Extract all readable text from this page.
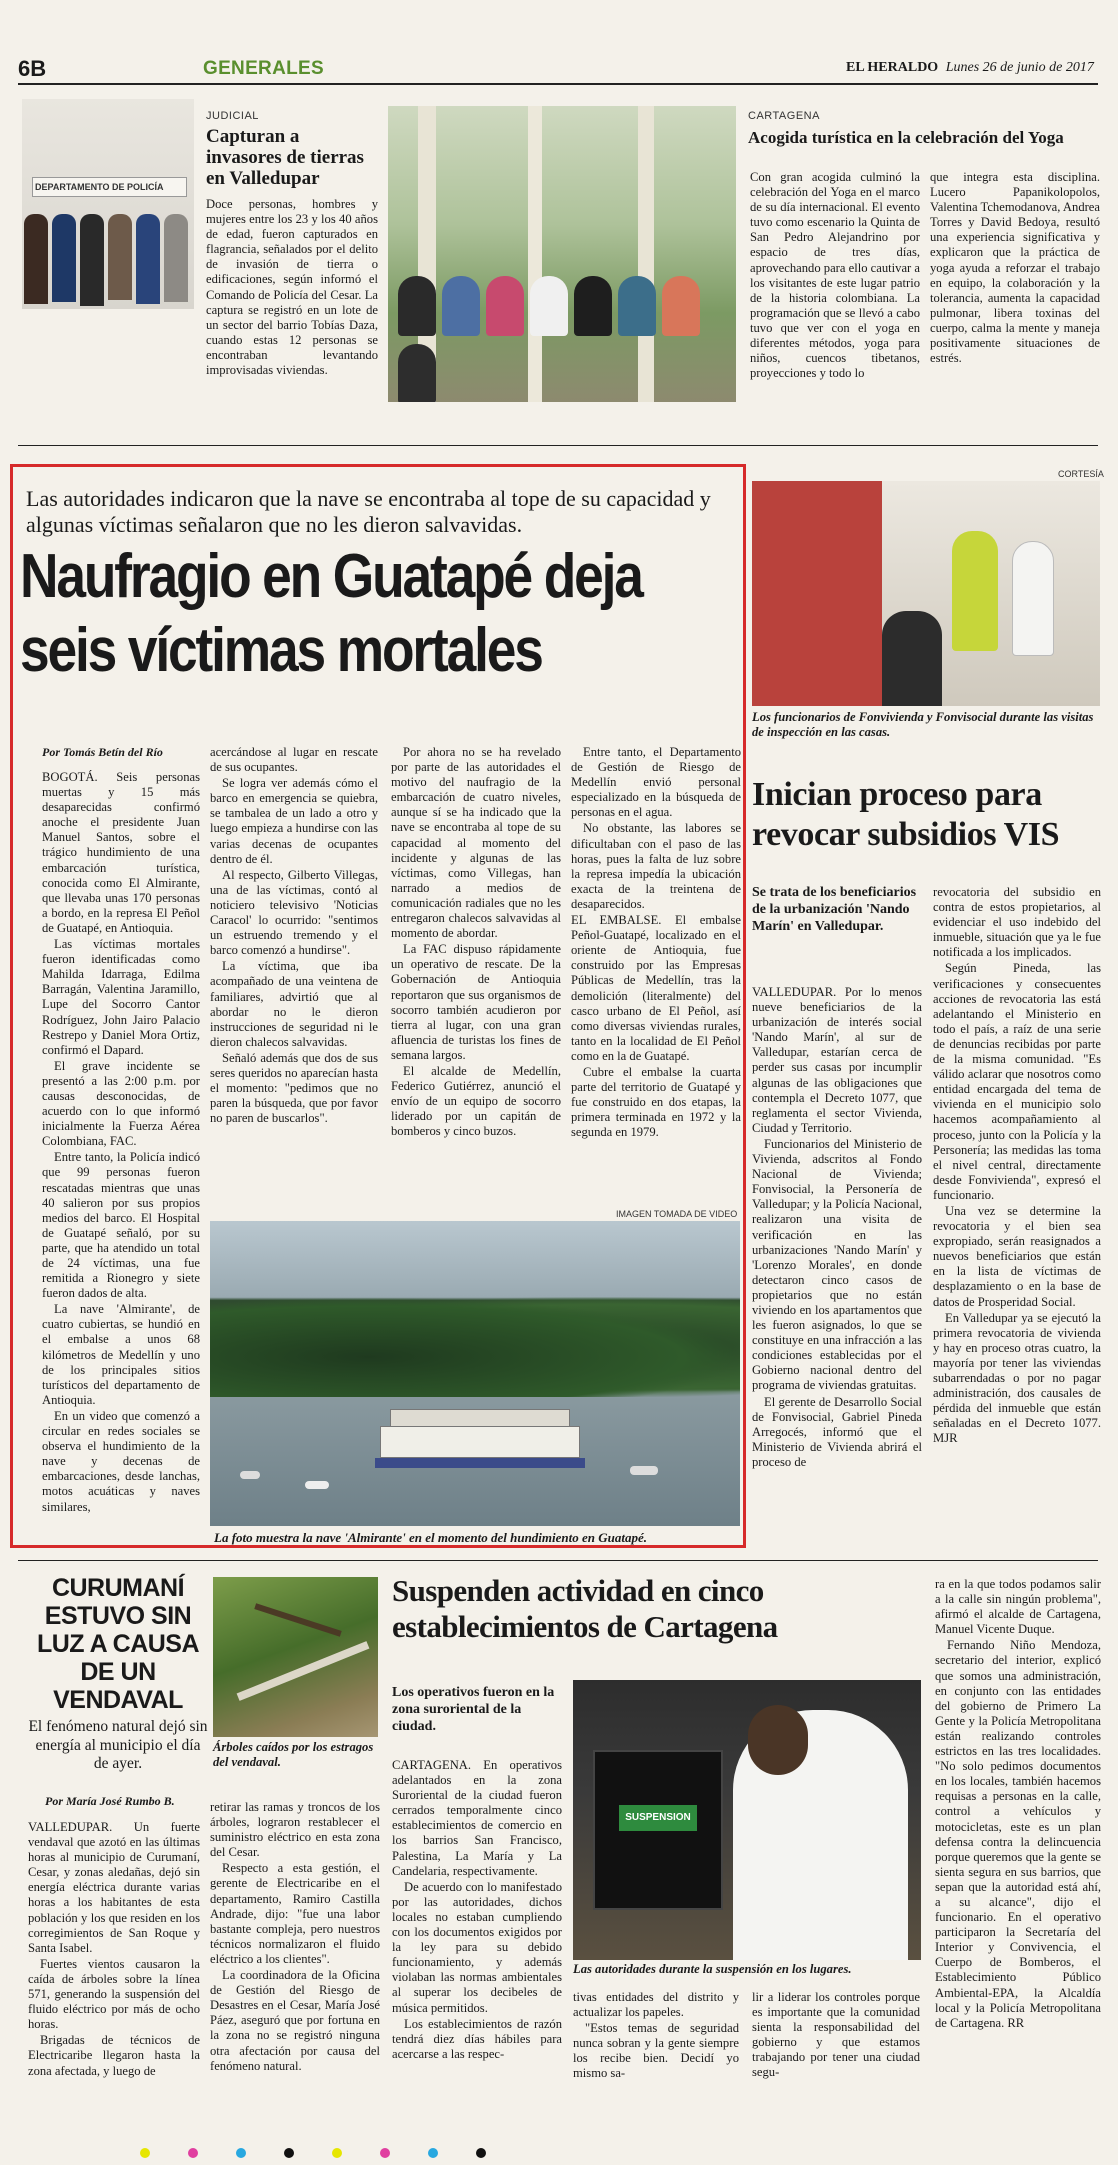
6B	GENERALES	EL HERALDO Lunes 26 de junio de 2017
DEPARTAMENTO DE POLICÍA
JUDICIAL
Capturan a invasores de tierras en Valledupar
Doce personas, hombres y mujeres entre los 23 y los 40 años de edad, fueron capturados en flagrancia, señalados por el delito de invasión de tierra o edificaciones, según informó el Comando de Policía del Cesar. La captura se registró en un lote de un sector del barrio Tobías Daza, cuando estas 12 personas se encontraban levantando improvisadas viviendas.
CARTAGENA
Acogida turística en la celebración del Yoga
Con gran acogida culminó la celebración del Yoga en el marco de su día internacional. El evento tuvo como escenario la Quinta de San Pedro Alejandrino por espacio de tres días, aprovechando para ello cautivar a los visitantes de este lugar patrio de la historia colombiana. La programación que se llevó a cabo tuvo que ver con el yoga en diferentes métodos, yoga para niños, cuencos tibetanos, proyecciones y todo lo
que integra esta disciplina. Lucero Papanikolopolos, Valentina Tchemodanova, Andrea Torres y David Bedoya, resultó una experiencia significativa y explicaron que la práctica de yoga ayuda a reforzar el trabajo en equipo, la colaboración y la tolerancia, aumenta la capacidad pulmonar, libera toxinas del cuerpo, calma la mente y maneja positivamente situaciones de estrés.
Las autoridades indicaron que la nave se encontraba al tope de su capacidad y algunas víctimas señalaron que no les dieron salvavidas.
Naufragio en Guatapé deja
seis víctimas mortales
Por Tomás Betín del Río

BOGOTÁ. Seis personas muertas y 15 más desaparecidas confirmó anoche el presidente Juan Manuel Santos, sobre el trágico hundimiento de una embarcación turística, conocida como El Almirante, que llevaba unas 170 personas a bordo, en la represa El Peñol de Guatapé, en Antioquia.

Las víctimas mortales fueron identificadas como Mahilda Idarraga, Edilma Barragán, Valentina Jaramillo, Lupe del Socorro Cantor Rodríguez, John Jairo Palacio Restrepo y Daniel Mora Ortiz, confirmó el Dapard.

El grave incidente se presentó a las 2:00 p.m. por causas desconocidas, de acuerdo con lo que informó inicialmente la Fuerza Aérea Colombiana, FAC.

Entre tanto, la Policía indicó que 99 personas fueron rescatadas mientras que unas 40 salieron por sus propios medios del barco. El Hospital de Guatapé señaló, por su parte, que ha atendido un total de 24 víctimas, una fue remitida a Rionegro y siete fueron dados de alta.

La nave 'Almirante', de cuatro cubiertas, se hundió en el embalse a unos 68 kilómetros de Medellín y uno de los principales sitios turísticos del departamento de Antioquia.

En un video que comenzó a circular en redes sociales se observa el hundimiento de la nave y decenas de embarcaciones, desde lanchas, motos acuáticas y naves similares,

acercándose al lugar en rescate de sus ocupantes.

Se logra ver además cómo el barco en emergencia se quiebra, se tambalea de un lado a otro y luego empieza a hundirse con las varias decenas de ocupantes dentro de él.

Al respecto, Gilberto Villegas, una de las víctimas, contó al noticiero televisivo 'Noticias Caracol' lo ocurrido: "sentimos un estruendo tremendo y el barco comenzó a hundirse".

La víctima, que iba acompañado de una veintena de familiares, advirtió que al abordar no le dieron instrucciones de seguridad ni le dieron chalecos salvavidas.

Señaló además que dos de sus seres queridos no aparecían hasta el momento: "pedimos que no paren la búsqueda, que por favor no paren de buscarlos".

Por ahora no se ha revelado por parte de las autoridades el motivo del naufragio de la embarcación de cuatro niveles, aunque sí se ha indicado que la nave se encontraba al tope de su capacidad al momento del incidente y algunas de las víctimas, como Villegas, han narrado a medios de comunicación radiales que no les entregaron chalecos salvavidas al momento de abordar.

La FAC dispuso rápidamente un operativo de rescate. De la Gobernación de Antioquia reportaron que sus organismos de socorro también acudieron por tierra al lugar, con una gran afluencia de turistas los fines de semana largos.

El alcalde de Medellín, Federico Gutiérrez, anunció el envío de un equipo de socorro liderado por un capitán de bomberos y cinco buzos.

Entre tanto, el Departamento de Gestión de Riesgo de Medellín envió personal especializado en la búsqueda de personas en el agua.

No obstante, las labores se dificultaban con el paso de las horas, pues la falta de luz sobre la represa impedía la ubicación exacta de la treintena de desaparecidos.

EL EMBALSE. El embalse Peñol-Guatapé, localizado en el oriente de Antioquia, fue construido por las Empresas Públicas de Medellín, tras la demolición (literalmente) del casco urbano de El Peñol, así como diversas viviendas rurales, tanto en la localidad de El Peñol como en la de Guatapé.

Cubre el embalse la cuarta parte del territorio de Guatapé y fue construido en dos etapas, la primera terminada en 1972 y la segunda en 1979.

IMAGEN TOMADA DE VIDEO
La foto muestra la nave 'Almirante' en el momento del hundimiento en Guatapé.
CORTESÍA
Los funcionarios de Fonvivienda y Fonvisocial durante las visitas de inspección en las casas.
Inician proceso para
revocar subsidios VIS
Se trata de los beneficiarios de la urbanización 'Nando Marín' en Valledupar.

VALLEDUPAR. Por lo menos nueve beneficiarios de la urbanización de interés social 'Nando Marín', al sur de Valledupar, estarían cerca de perder sus casas por incumplir algunas de las obligaciones que contempla el Decreto 1077, que reglamenta el sector Vivienda, Ciudad y Territorio.

Funcionarios del Ministerio de Vivienda, adscritos al Fondo Nacional de Vivienda; Fonvisocial, la Personería de Valledupar; y la Policía Nacional, realizaron una visita de verificación en las urbanizaciones 'Nando Marín' y 'Lorenzo Morales', en donde detectaron cinco casos de propietarios que no están viviendo en los apartamentos que les fueron asignados, lo que se constituye en una infracción a las condiciones establecidas por el Gobierno nacional dentro del programa de viviendas gratuitas.

El gerente de Desarrollo Social de Fonvisocial, Gabriel Pineda Arregocés, informó que el Ministerio de Vivienda abrirá el proceso de

revocatoria del subsidio en contra de estos propietarios, al evidenciar el uso indebido del inmueble, situación que ya le fue notificada a los implicados.

Según Pineda, las verificaciones y consecuentes acciones de revocatoria las está adelantando el Ministerio en todo el país, a raíz de una serie de denuncias recibidas por parte de la misma comunidad. "Es válido aclarar que nosotros como entidad encargada del tema de vivienda en el municipio solo hacemos acompañamiento al proceso, junto con la Policía y la Personería; las medidas las toma el nivel central, directamente desde Fonvivienda", expresó el funcionario.

Una vez se determine la revocatoria y el bien sea expropiado, serán reasignados a nuevos beneficiarios que están en la lista de víctimas de desplazamiento o en la base de datos de Prosperidad Social.

En Valledupar ya se ejecutó la primera revocatoria de vivienda y hay en proceso otras cuatro, la mayoría por tener las viviendas subarrendadas o por no pagar administración, dos causales de pérdida del inmueble que están señaladas en el Decreto 1077. MJR

CURUMANÍ ESTUVO SIN LUZ A CAUSA DE UN VENDAVAL
El fenómeno natural dejó sin energía al municipio el día de ayer.
Árboles caídos por los estragos del vendaval.
Por María José Rumbo B.

VALLEDUPAR. Un fuerte vendaval que azotó en las últimas horas al municipio de Curumaní, Cesar, y zonas aledañas, dejó sin energía eléctrica durante varias horas a los habitantes de esta población y los que residen en los corregimientos de San Roque y Santa Isabel.

Fuertes vientos causaron la caída de árboles sobre la línea 571, generando la suspensión del fluido eléctrico por más de ocho horas.

Brigadas de técnicos de Electricaribe llegaron hasta la zona afectada, y luego de

retirar las ramas y troncos de los árboles, lograron restablecer el suministro eléctrico en esta zona del Cesar.

Respecto a esta gestión, el gerente de Electricaribe en el departamento, Ramiro Castilla Andrade, dijo: "fue una labor bastante compleja, pero nuestros técnicos normalizaron el fluido eléctrico a los clientes".

La coordinadora de la Oficina de Gestión del Riesgo de Desastres en el Cesar, María José Páez, aseguró que por fortuna en la zona no se registró ninguna otra afectación por causa del fenómeno natural.

Suspenden actividad en cinco establecimientos de Cartagena
Los operativos fueron en la zona suroriental de la ciudad.
SUSPENSION
Las autoridades durante la suspensión en los lugares.

CARTAGENA. En operativos adelantados en la zona Suroriental de la ciudad fueron cerrados temporalmente cinco establecimientos de comercio en los barrios San Francisco, Palestina, La María y La Candelaria, respectivamente.

De acuerdo con lo manifestado por las autoridades, dichos locales no estaban cumpliendo con los documentos exigidos por la ley para su debido funcionamiento, y además violaban las normas ambientales al superar los decibeles de música permitidos.

Los establecimientos de razón tendrá diez días hábiles para acercarse a las respec-

tivas entidades del distrito y actualizar los papeles.

"Estos temas de seguridad nunca sobran y la gente siempre los recibe bien. Decidí yo mismo sa-

lir a liderar los controles porque es importante que la comunidad sienta la responsabilidad del gobierno y que estamos trabajando por tener una ciudad segu-

ra en la que todos podamos salir a la calle sin ningún problema", afirmó el alcalde de Cartagena, Manuel Vicente Duque.

Fernando Niño Mendoza, secretario del interior, explicó que somos una administración, en conjunto con las entidades del gobierno de Primero La Gente y la Policía Metropolitana están realizando controles estrictos en las tres localidades. "No solo pedimos documentos en los locales, también hacemos requisas a personas en la calle, control a vehículos y motocicletas, este es un plan defensa contra la delincuencia porque queremos que la gente se sienta segura en sus barrios, que sepan que la autoridad está ahí, a su alcance", dijo el funcionario. En el operativo participaron la Secretaría del Interior y Convivencia, el Cuerpo de Bomberos, el Establecimiento Público Ambiental-EPA, la Alcaldía local y la Policía Metropolitana de Cartagena. RR
